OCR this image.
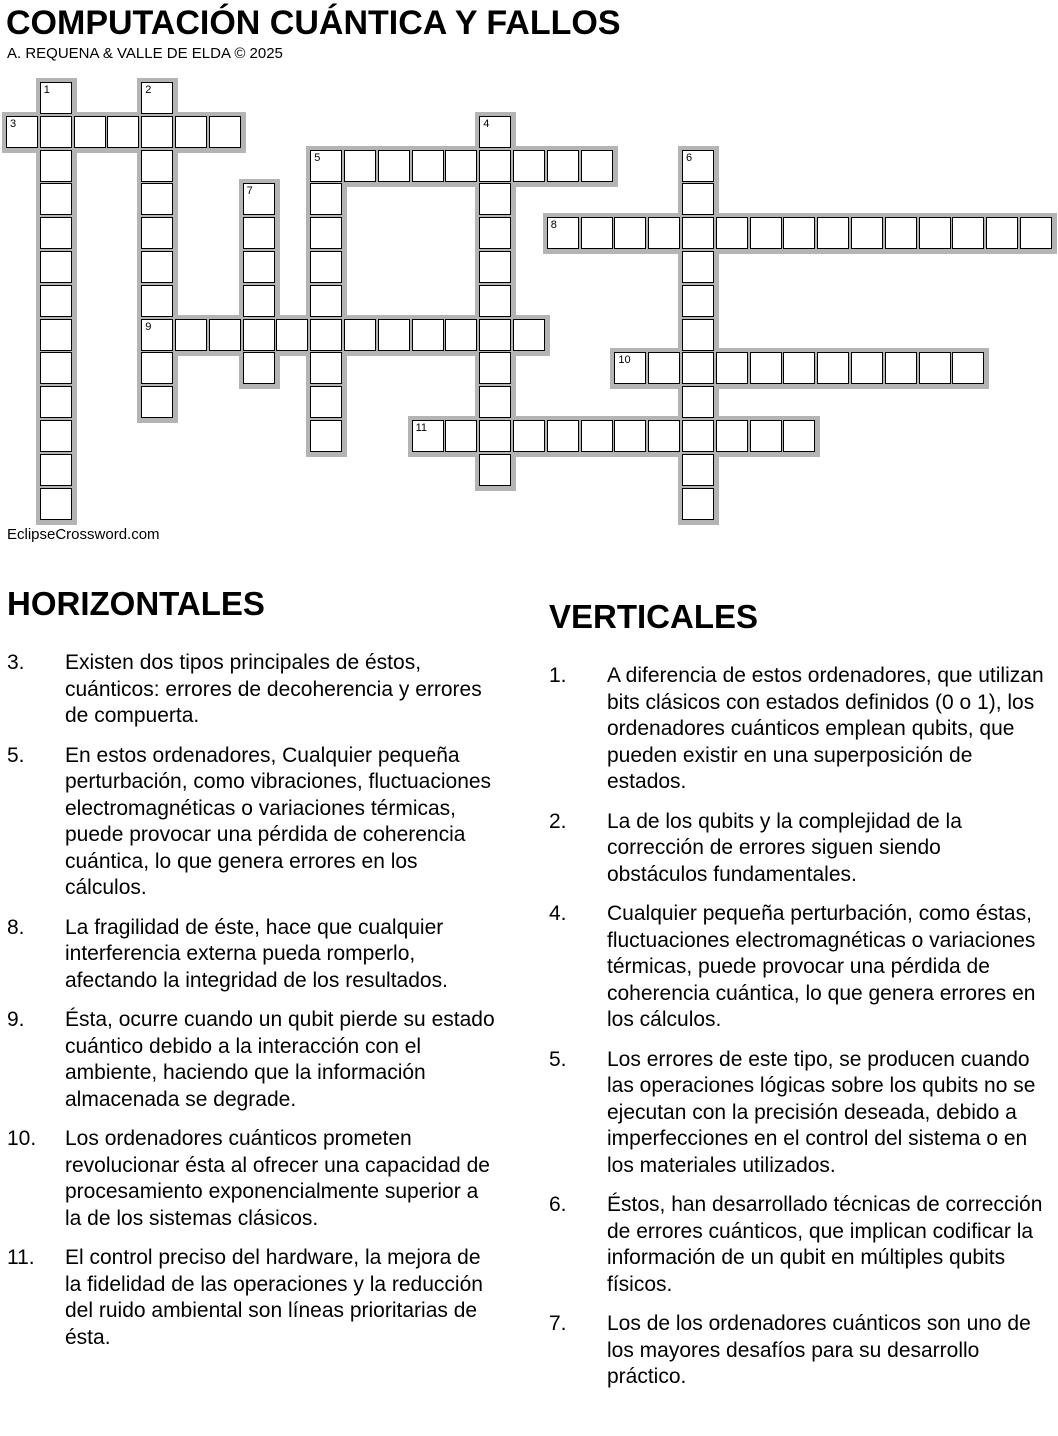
COMPUTACIÓN CUÁNTICA Y FALLOS
A. REQUENA & VALLE DE ELDA © 2025
1	2
9
3	4
5	6
7
8
10
11
EclipseCrossword.com
HORIZONTALES
3.	Existen dos tipos principales de éstos, cuánticos: errores de decoherencia y errores de compuerta.
5.	En estos ordenadores, Cualquier pequeña perturbación, como vibraciones, fluctuaciones electromagnéticas o variaciones térmicas, puede provocar una pérdida de coherencia cuántica, lo que genera errores en los cálculos.
8.	La fragilidad de éste, hace que cualquier interferencia externa pueda romperlo, afectando la integridad de los resultados.
9.	Ésta, ocurre cuando un qubit pierde su estado cuántico debido a la interacción con el ambiente, haciendo que la información almacenada se degrade.
10.	Los ordenadores cuánticos prometen revolucionar ésta al ofrecer una capacidad de procesamiento exponencialmente superior a la de los sistemas clásicos.
11.	El control preciso del hardware, la mejora de la fidelidad de las operaciones y la reducción del ruido ambiental son líneas prioritarias de ésta.
VERTICALES
1.	A diferencia de estos ordenadores, que utilizan bits clásicos con estados definidos (0 o 1), los ordenadores cuánticos emplean qubits, que pueden existir en una superposición de estados.
2.	La de los qubits y la complejidad de la corrección de errores siguen siendo obstáculos fundamentales.
4.	Cualquier pequeña perturbación, como éstas, fluctuaciones electromagnéticas o variaciones térmicas, puede provocar una pérdida de coherencia cuántica, lo que genera errores en los cálculos.
5.	Los errores de este tipo, se producen cuando las operaciones lógicas sobre los qubits no se ejecutan con la precisión deseada, debido a imperfecciones en el control del sistema o en los materiales utilizados.
6.	Éstos, han desarrollado técnicas de corrección de errores cuánticos, que implican codificar la información de un qubit en múltiples qubits físicos.
7.	Los de los ordenadores cuánticos son uno de los mayores desafíos para su desarrollo práctico.
